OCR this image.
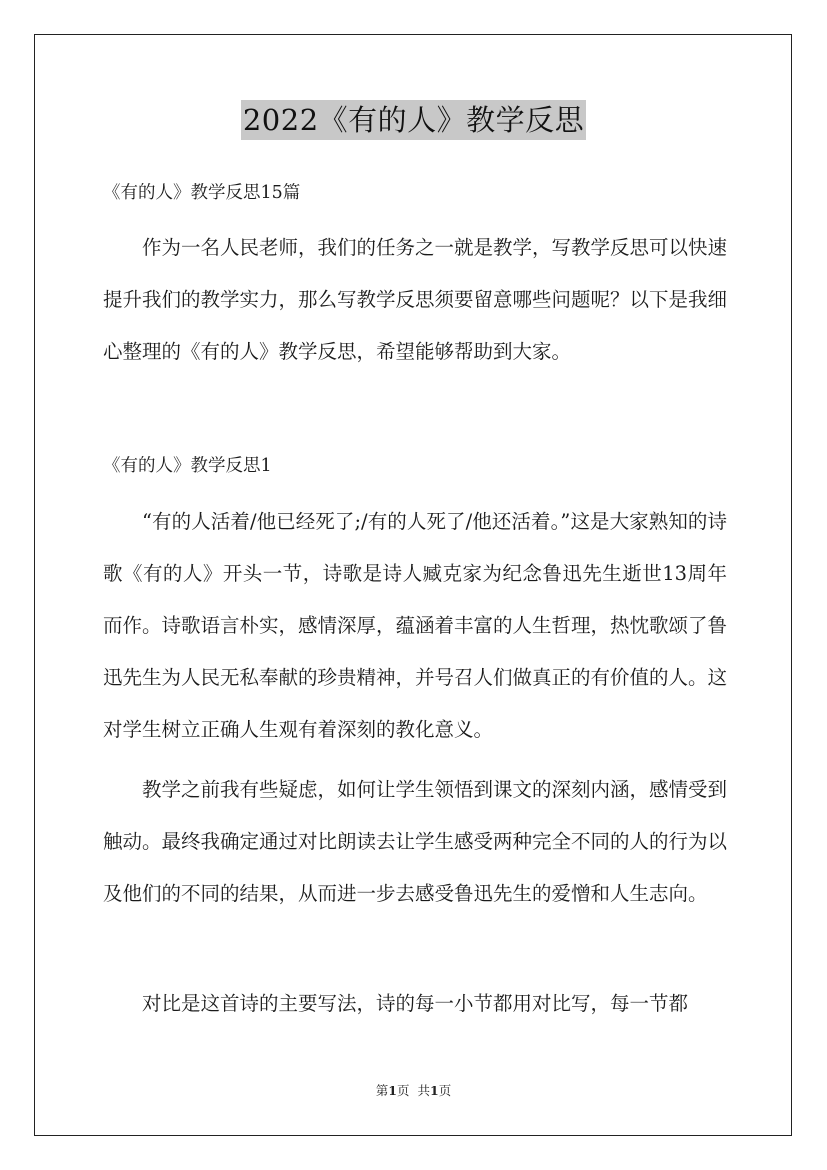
2022《有的人》教学反思
《有的人》教学反思15篇

作为一名人民老师，我们的任务之一就是教学，写教学反思可以快速提升我们的教学实力，那么写教学反思须要留意哪些问题呢？以下是我细心整理的《有的人》教学反思，希望能够帮助到大家。

《有的人》教学反思1

“有的人活着/他已经死了;/有的人死了/他还活着。”这是大家熟知的诗歌《有的人》开头一节，诗歌是诗人臧克家为纪念鲁迅先生逝世13周年而作。诗歌语言朴实，感情深厚，蕴涵着丰富的人生哲理，热忱歌颂了鲁迅先生为人民无私奉献的珍贵精神，并号召人们做真正的有价值的人。这对学生树立正确人生观有着深刻的教化意义。

教学之前我有些疑虑，如何让学生领悟到课文的深刻内涵，感情受到触动。最终我确定通过对比朗读去让学生感受两种完全不同的人的行为以及他们的不同的结果，从而进一步去感受鲁迅先生的爱憎和人生志向。

对比是这首诗的主要写法，诗的每一小节都用对比写，每一节都

第1页 共1页
